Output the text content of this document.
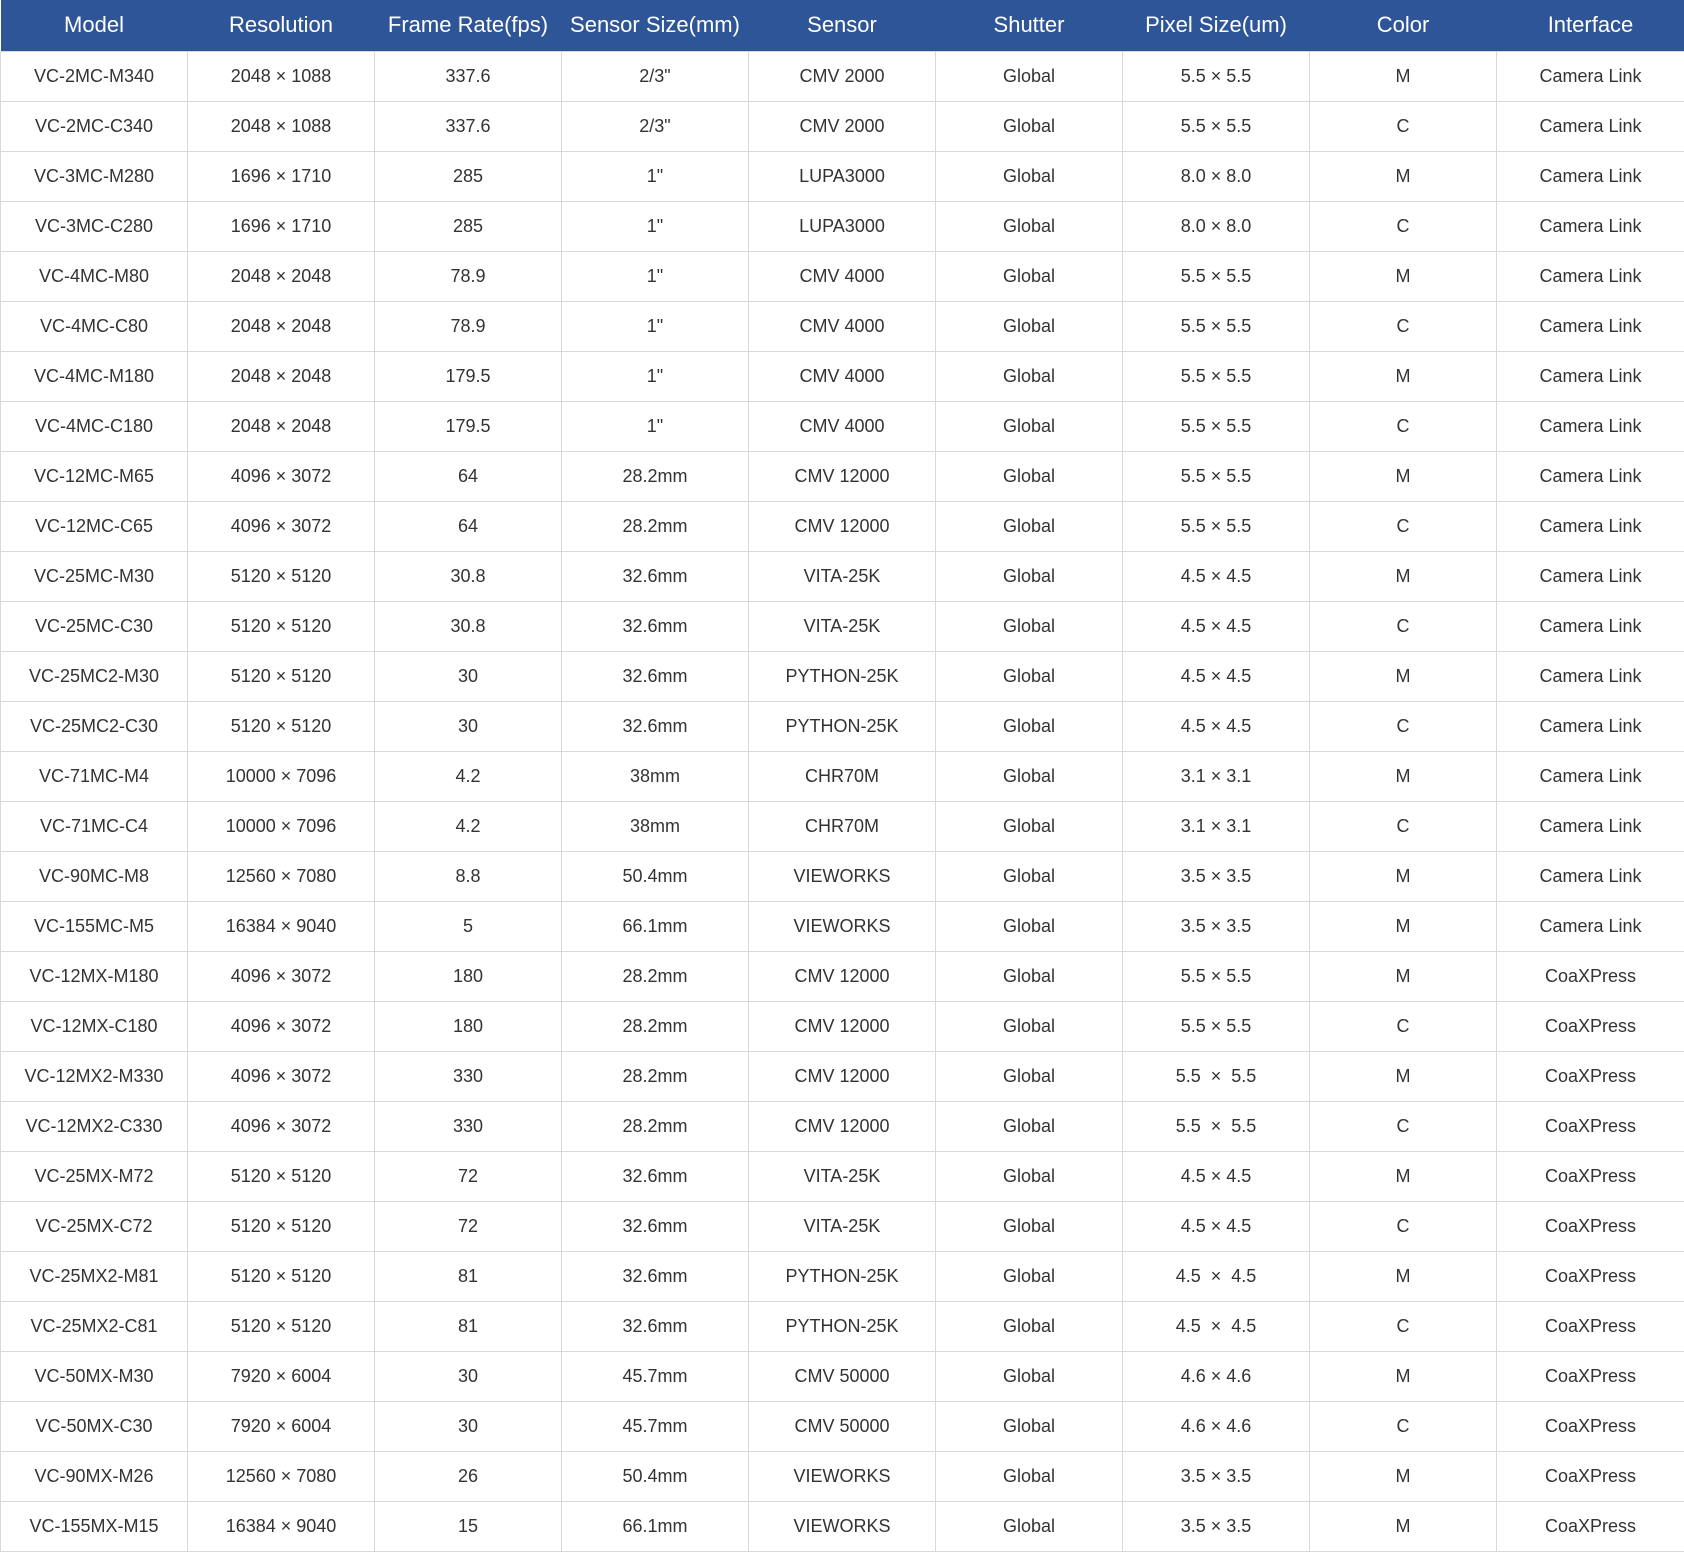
Model	Resolution	Frame Rate(fps)	Sensor Size(mm)	Sensor	Shutter	Pixel Size(um)	Color	Interface
VC-2MC-M340	2048 × 1088	337.6	2/3"	CMV 2000	Global	5.5 × 5.5	M	Camera Link
VC-2MC-C340	2048 × 1088	337.6	2/3"	CMV 2000	Global	5.5 × 5.5	C	Camera Link
VC-3MC-M280	1696 × 1710	285	1"	LUPA3000	Global	8.0 × 8.0	M	Camera Link
VC-3MC-C280	1696 × 1710	285	1"	LUPA3000	Global	8.0 × 8.0	C	Camera Link
VC-4MC-M80	2048 × 2048	78.9	1"	CMV 4000	Global	5.5 × 5.5	M	Camera Link
VC-4MC-C80	2048 × 2048	78.9	1"	CMV 4000	Global	5.5 × 5.5	C	Camera Link
VC-4MC-M180	2048 × 2048	179.5	1"	CMV 4000	Global	5.5 × 5.5	M	Camera Link
VC-4MC-C180	2048 × 2048	179.5	1"	CMV 4000	Global	5.5 × 5.5	C	Camera Link
VC-12MC-M65	4096 × 3072	64	28.2mm	CMV 12000	Global	5.5 × 5.5	M	Camera Link
VC-12MC-C65	4096 × 3072	64	28.2mm	CMV 12000	Global	5.5 × 5.5	C	Camera Link
VC-25MC-M30	5120 × 5120	30.8	32.6mm	VITA-25K	Global	4.5 × 4.5	M	Camera Link
VC-25MC-C30	5120 × 5120	30.8	32.6mm	VITA-25K	Global	4.5 × 4.5	C	Camera Link
VC-25MC2-M30	5120 × 5120	30	32.6mm	PYTHON-25K	Global	4.5 × 4.5	M	Camera Link
VC-25MC2-C30	5120 × 5120	30	32.6mm	PYTHON-25K	Global	4.5 × 4.5	C	Camera Link
VC-71MC-M4	10000 × 7096	4.2	38mm	CHR70M	Global	3.1 × 3.1	M	Camera Link
VC-71MC-C4	10000 × 7096	4.2	38mm	CHR70M	Global	3.1 × 3.1	C	Camera Link
VC-90MC-M8	12560 × 7080	8.8	50.4mm	VIEWORKS	Global	3.5 × 3.5	M	Camera Link
VC-155MC-M5	16384 × 9040	5	66.1mm	VIEWORKS	Global	3.5 × 3.5	M	Camera Link
VC-12MX-M180	4096 × 3072	180	28.2mm	CMV 12000	Global	5.5 × 5.5	M	CoaXPress
VC-12MX-C180	4096 × 3072	180	28.2mm	CMV 12000	Global	5.5 × 5.5	C	CoaXPress
VC-12MX2-M330	4096 × 3072	330	28.2mm	CMV 12000	Global	5.5  ×  5.5	M	CoaXPress
VC-12MX2-C330	4096 × 3072	330	28.2mm	CMV 12000	Global	5.5  ×  5.5	C	CoaXPress
VC-25MX-M72	5120 × 5120	72	32.6mm	VITA-25K	Global	4.5 × 4.5	M	CoaXPress
VC-25MX-C72	5120 × 5120	72	32.6mm	VITA-25K	Global	4.5 × 4.5	C	CoaXPress
VC-25MX2-M81	5120 × 5120	81	32.6mm	PYTHON-25K	Global	4.5  ×  4.5	M	CoaXPress
VC-25MX2-C81	5120 × 5120	81	32.6mm	PYTHON-25K	Global	4.5  ×  4.5	C	CoaXPress
VC-50MX-M30	7920 × 6004	30	45.7mm	CMV 50000	Global	4.6 × 4.6	M	CoaXPress
VC-50MX-C30	7920 × 6004	30	45.7mm	CMV 50000	Global	4.6 × 4.6	C	CoaXPress
VC-90MX-M26	12560 × 7080	26	50.4mm	VIEWORKS	Global	3.5 × 3.5	M	CoaXPress
VC-155MX-M15	16384 × 9040	15	66.1mm	VIEWORKS	Global	3.5 × 3.5	M	CoaXPress
